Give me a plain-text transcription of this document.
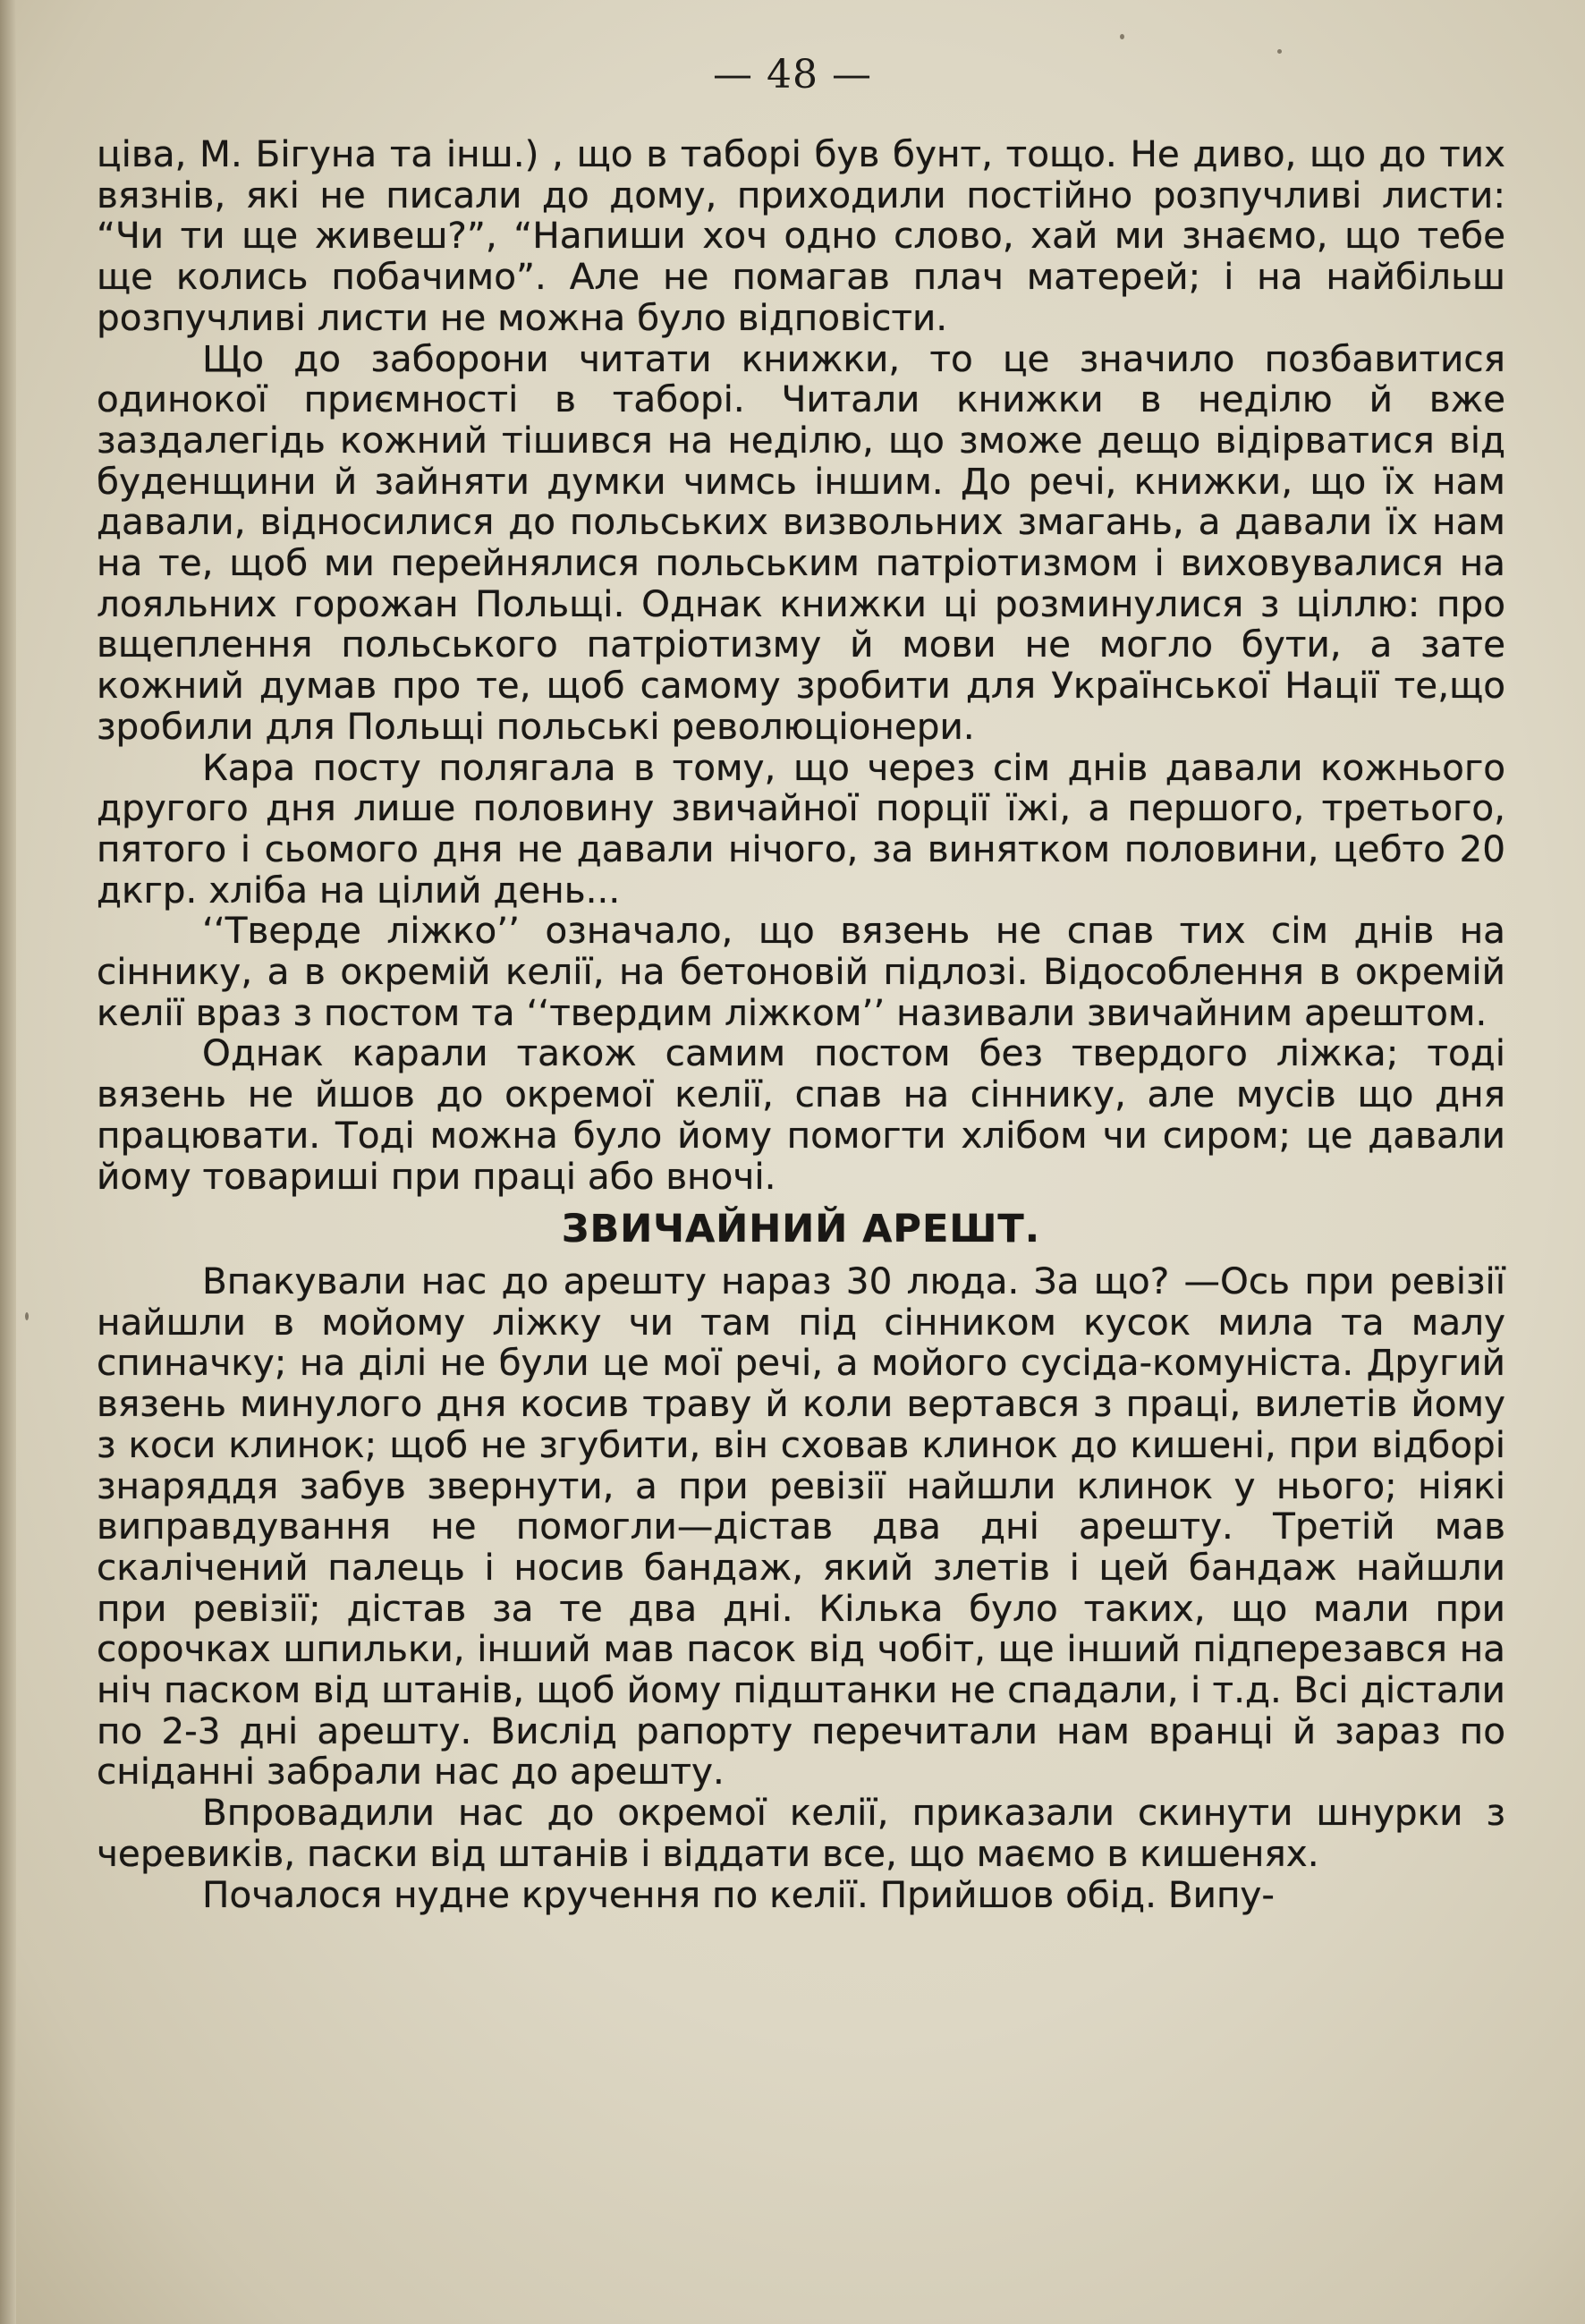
— 48 —

ціва, М. Бігуна та інш.) , що в таборі був бунт, тощо. Не диво, що до тих вязнів, які не писали до дому, приходили постійно розпучливі листи: “Чи ти ще живеш?”, “Напиши хоч одно слово, хай ми знаємо, що тебе ще колись побачимо”. Але не помагав плач матерей; і на найбільш розпучливі листи не можна було відповісти.

Що до заборони читати книжки, то це значило позбавитися одинокої приємності в таборі. Читали книжки в неділю й вже заздалегідь кожний тішився на неділю, що зможе дещо відірватися від буденщини й зайняти думки чимсь іншим. До речі, книжки, що їх нам давали, відносилися до польських визвольних змагань, а давали їх нам на те, щоб ми перейнялися польським патріотизмом і виховувалися на лояльних горожан Польщі. Однак книжки ці розминулися з ціллю: про вщеплення польського патріотизму й мови не могло бути, а зате кожний думав про те, щоб самому зробити для Української Нації те,що зробили для Польщі польські революціонери.

Кара посту полягала в тому, що через сім днів давали кожнього другого дня лише половину звичайної порції їжі, а першого, третього, пятого і сьомого дня не давали нічого, за винятком половини, цебто 20 дкгр. хліба на цілий день...

‘‘Тверде ліжко’’ означало, що вязень не спав тих сім днів на сіннику, а в окремій келії, на бетоновій підлозі. Відособлення в окремій келії враз з постом та ‘‘твердим ліжком’’ називали звичайним арештом.

Однак карали також самим постом без твердого ліжка; тоді вязень не йшов до окремої келії, спав на сіннику, але мусів що дня працювати. Тоді можна було йому помогти хлібом чи сиром; це давали йому товариші при праці або вночі.

ЗВИЧАЙНИЙ АРЕШТ.

Впакували нас до арешту нараз 30 люда. За що? —Ось при ревізії найшли в мойому ліжку чи там під сінником кусок мила та малу спиначку; на ділі не були це мої речі, а мойого сусіда-комуніста. Другий вязень минулого дня косив траву й коли вертався з праці, вилетів йому з коси клинок; щоб не згубити, він сховав клинок до кишені, при відборі знаряддя забув звернути, а при ревізії найшли клинок у нього; ніякі виправдування не помогли—дістав два дні арешту. Третій мав скалічений палець і носив бандаж, який злетів і цей бандаж найшли при ревізії; дістав за те два дні. Кілька було таких, що мали при сорочках шпильки, інший мав пасок від чобіт, ще інший підперезався на ніч паском від штанів, щоб йому підштанки не спадали, і т.д. Всі дістали по 2-3 дні арешту. Вислід рапорту перечитали нам вранці й зараз по сніданні забрали нас до арешту.

Впровадили нас до окремої келії, приказали скинути шнурки з черевиків, паски від штанів і віддати все, що маємо в кишенях.

Почалося нудне кручення по келії. Прийшов обід. Випу-
